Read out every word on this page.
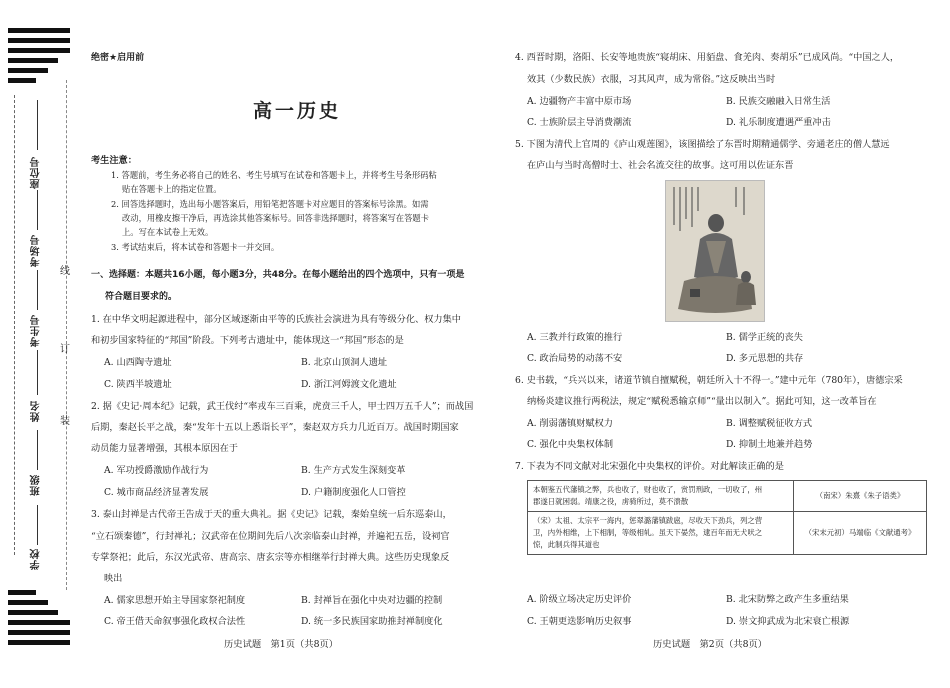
座位号
考场号
考生号
姓名
班级
学校
线
订
装
绝密★启用前
高一历史
考生注意：
1. 答题前，考生务必将自己的姓名、考生号填写在试卷和答题卡上，并将考生号条形码粘
贴在答题卡上的指定位置。
2. 回答选择题时，选出每小题答案后，用铅笔把答题卡对应题目的答案标号涂黑。如需
改动，用橡皮擦干净后，再选涂其他答案标号。回答非选择题时，将答案写在答题卡
上。写在本试卷上无效。
3. 考试结束后，将本试卷和答题卡一并交回。
一、选择题：本题共16小题，每小题3分，共48分。在每小题给出的四个选项中，只有一项是
符合题目要求的。
1. 在中华文明起源进程中，部分区域逐渐由平等的氏族社会演进为具有等级分化、权力集中
和初步国家特征的“邦国”阶段。下列考古遗址中，能体现这一“邦国”形态的是
A. 山西陶寺遗址	B. 北京山顶洞人遗址
C. 陕西半坡遗址	D. 浙江河姆渡文化遗址
2. 据《史记·周本纪》记载，武王伐纣“率戎车三百乘，虎贲三千人，甲士四万五千人”；而战国
后期，秦赵长平之战，秦“发年十五以上悉诣长平”，秦赵双方兵力几近百万。战国时期国家
动员能力显著增强，其根本原因在于
A. 军功授爵激励作战行为	B. 生产方式发生深刻变革
C. 城市商品经济显著发展	D. 户籍制度强化人口管控
3. 泰山封禅是古代帝王告成于天的重大典礼。据《史记》记载，秦始皇统一后东巡泰山，
“立石颂秦德”，行封禅礼；汉武帝在位期间先后八次亲临泰山封禅，并遍祀五岳，设祠官
专掌祭祀；此后，东汉光武帝、唐高宗、唐玄宗等亦相继举行封禅大典。这些历史现象反
映出
A. 儒家思想开始主导国家祭祀制度	B. 封禅旨在强化中央对边疆的控制
C. 帝王借天命叙事强化政权合法性	D. 统一多民族国家助推封禅制度化
历史试题　第1页（共8页）
4. 西晋时期，洛阳、长安等地贵族“寝胡床、用貊盘、食羌肉、奏胡乐”已成风尚。“中国之人，
效其（少数民族）衣服，习其风声，成为常俗。”这反映出当时
A. 边疆物产丰富中原市场	B. 民族交融融入日常生活
C. 士族阶层主导消费潮流	D. 礼乐制度遭遇严重冲击
5. 下图为清代上官周的《庐山观莲图》，该图描绘了东晋时期精通儒学、旁通老庄的僧人慧远
在庐山与当时高僧时士、社会名流交往的故事。这可用以佐证东晋
A. 三教并行政策的推行	B. 儒学正统的丧失
C. 政治局势的动荡不安	D. 多元思想的共存
6. 史书载，“兵兴以来，诸道节镇自擅赋税，朝廷所入十不得一。”建中元年（780年），唐德宗采
纳杨炎建议推行两税法，规定“赋税悉输京师”“量出以制入”。据此可知，这一改革旨在
A. 削弱藩镇财赋权力	B. 调整赋税征收方式
C. 强化中央集权体制	D. 抑制土地兼并趋势
7. 下表为不同文献对北宋强化中央集权的评价。对此解读正确的是
本朝鉴五代藩镇之弊，兵也收了，财也收了，赏罚刑政，一切收了，州
郡遂日就困弱。靖康之役，虏骑所过，莫不溃散	（南宋）朱熹《朱子语类》

（宋）太祖、太宗平一海内，惩翠潞藩镇跋扈，尽收天下劲兵，列之营
卫，内外相维，上下相制，等级相轧。虽天下晏然，逮百年而无犬吠之
惊，此制兵得其道也	（宋末元初）马端临《文献通考》
A. 阶级立场决定历史评价	B. 北宋防弊之政产生多重结果
C. 王朝更迭影响历史叙事	D. 崇文抑武成为北宋衰亡根源
历史试题　第2页（共8页）
